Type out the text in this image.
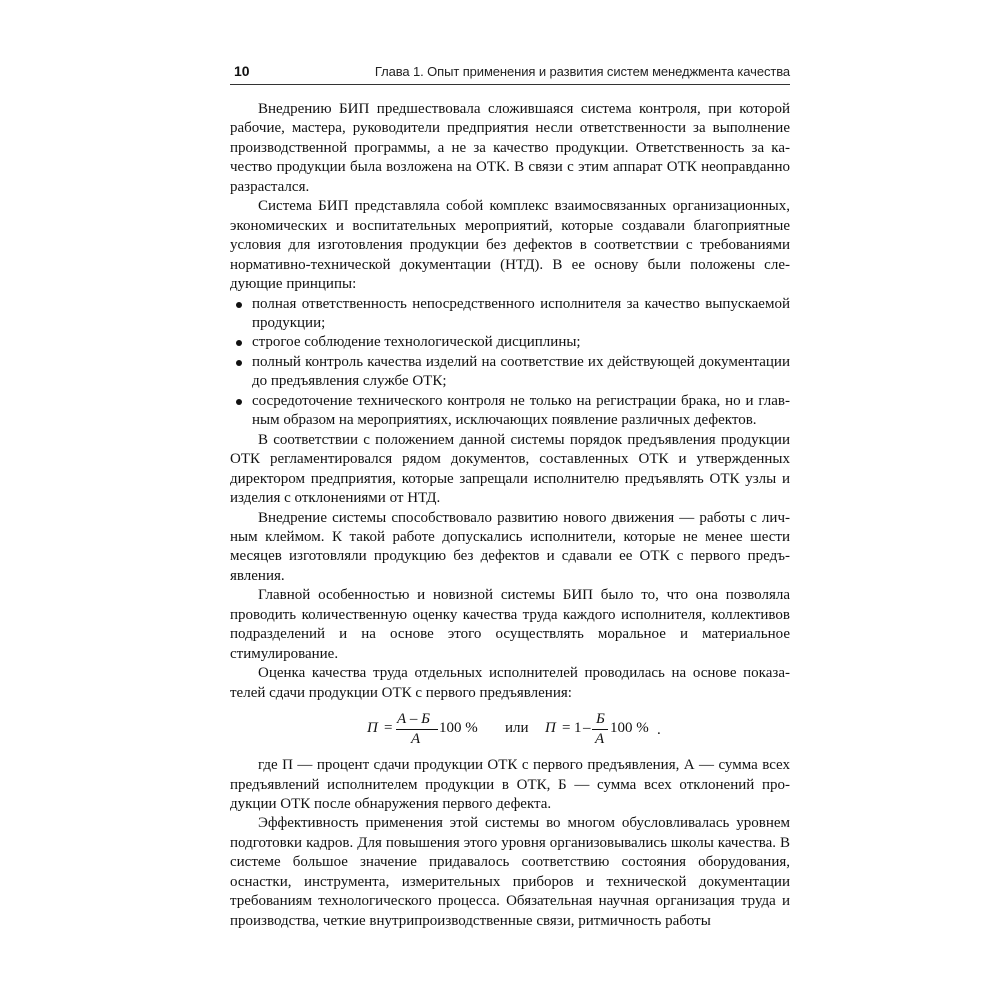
10	Глава 1. Опыт применения и развития систем менеджмента качества

Внедрению БИП предшествовала сложившаяся система контроля, при которой рабочие, мастера, руководители предприятия несли ответственности за выполнение производственной программы, а не за качество продукции. Ответственность за качество продукции была возложена на ОТК. В связи с этим аппарат ОТК неоправданно разрастался.

Система БИП представляла собой комплекс взаимосвязанных организационных, экономических и воспитательных мероприятий, которые создавали благоприятные условия для изготовления продукции без дефектов в соответствии с требованиями нормативно-технической документации (НТД). В ее основу были положены следующие принципы:

полная ответственность непосредственного исполнителя за качество выпускаемой продукции;
строгое соблюдение технологической дисциплины;
полный контроль качества изделий на соответствие их действующей документации до предъявления службе ОТК;
сосредоточение технического контроля не только на регистрации брака, но и главным образом на мероприятиях, исключающих появление различных дефектов.

В соответствии с положением данной системы порядок предъявления продукции ОТК регламентировался рядом документов, составленных ОТК и утвержденных директором предприятия, которые запрещали исполнителю предъявлять ОТК узлы и изделия с отклонениями от НТД.

Внедрение системы способствовало развитию нового движения — работы с личным клеймом. К такой работе допускались исполнители, которые не менее шести месяцев изготовляли продукцию без дефектов и сдавали ее ОТК с первого предъявления.

Главной особенностью и новизной системы БИП было то, что она позволяла проводить количественную оценку качества труда каждого исполнителя, коллективов подразделений и на основе этого осуществлять моральное и материальное стимулирование.

Оценка качества труда отдельных исполнителей проводилась на основе показателей сдачи продукции ОТК с первого предъявления:

П =
А – Б
А
100 % или П = 1 –
Б
А
100 % .

где П — процент сдачи продукции ОТК с первого предъявления, А — сумма всех предъявлений исполнителем продукции в ОТК, Б — сумма всех отклонений продукции ОТК после обнаружения первого дефекта.

Эффективность применения этой системы во многом обусловливалась уровнем подготовки кадров. Для повышения этого уровня организовывались школы качества. В системе большое значение придавалось соответствию состояния оборудования, оснастки, инструмента, измерительных приборов и технической документации требованиям технологического процесса. Обязательная научная организация труда и производства, четкие внутрипроизводственные связи, ритмичность работы
